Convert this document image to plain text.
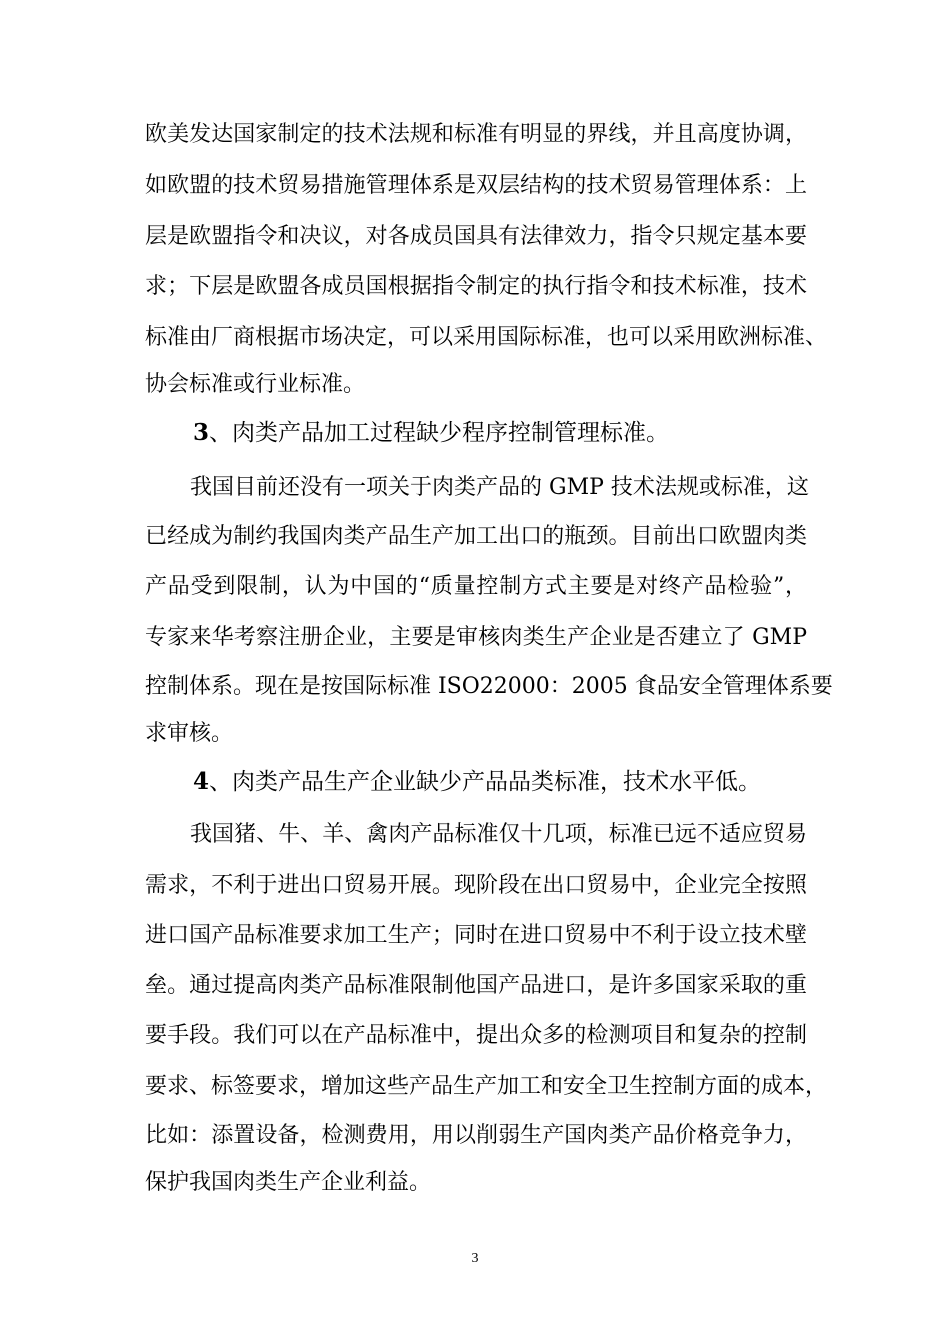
欧美发达国家制定的技术法规和标准有明显的界线，并且高度协调，
如欧盟的技术贸易措施管理体系是双层结构的技术贸易管理体系：上
层是欧盟指令和决议，对各成员国具有法律效力，指令只规定基本要
求；下层是欧盟各成员国根据指令制定的执行指令和技术标准，技术
标准由厂商根据市场决定，可以采用国际标准，也可以采用欧洲标准、
协会标准或行业标准。
3、肉类产品加工过程缺少程序控制管理标准。
我国目前还没有一项关于肉类产品的 GMP 技术法规或标准，这
已经成为制约我国肉类产品生产加工出口的瓶颈。目前出口欧盟肉类
产品受到限制，认为中国的“质量控制方式主要是对终产品检验”，
专家来华考察注册企业，主要是审核肉类生产企业是否建立了 GMP
控制体系。现在是按国际标准 ISO22000：2005 食品安全管理体系要
求审核。
4、肉类产品生产企业缺少产品品类标准，技术水平低。
我国猪、牛、羊、禽肉产品标准仅十几项，标准已远不适应贸易
需求，不利于进出口贸易开展。现阶段在出口贸易中，企业完全按照
进口国产品标准要求加工生产；同时在进口贸易中不利于设立技术壁
垒。通过提高肉类产品标准限制他国产品进口，是许多国家采取的重
要手段。我们可以在产品标准中，提出众多的检测项目和复杂的控制
要求、标签要求，增加这些产品生产加工和安全卫生控制方面的成本，
比如：添置设备，检测费用，用以削弱生产国肉类产品价格竞争力，
保护我国肉类生产企业利益。
3
